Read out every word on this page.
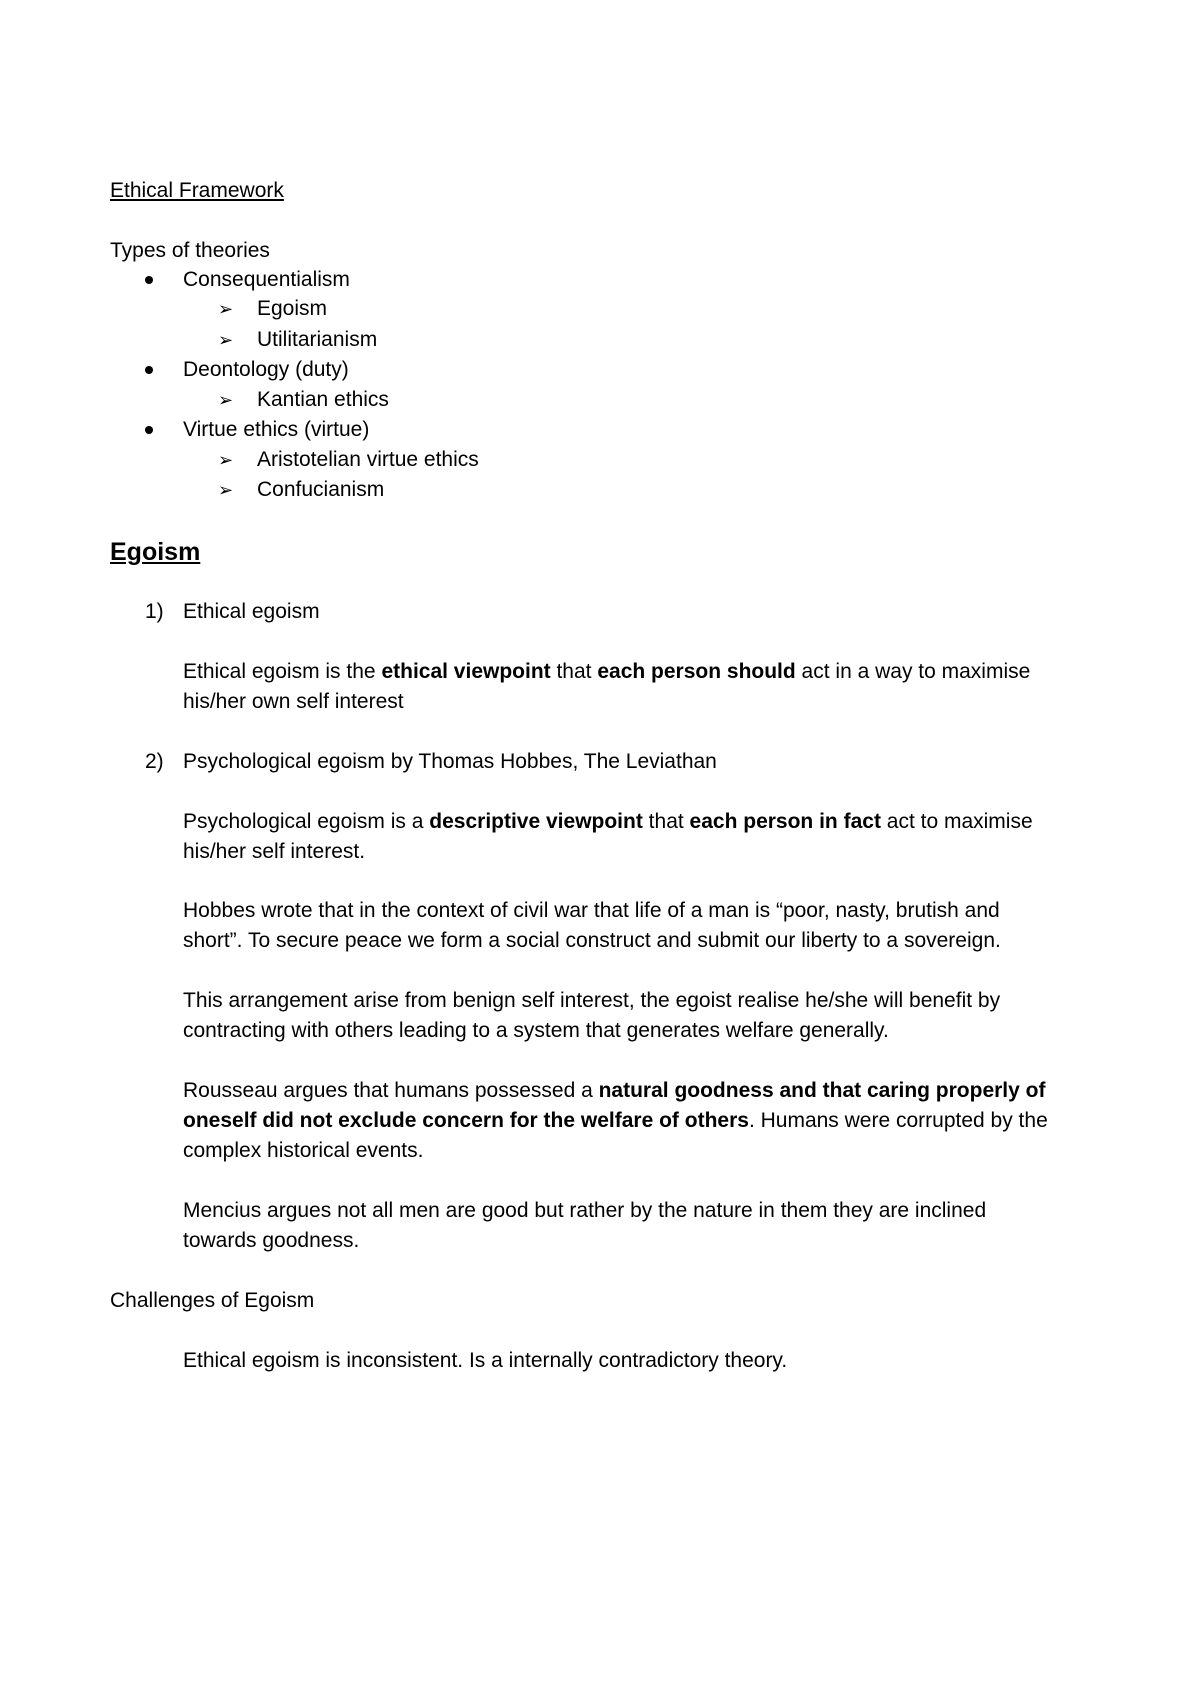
Ethical Framework
Types of theories
Consequentialism
➢ Egoism
➢ Utilitarianism
Deontology (duty)
➢ Kantian ethics
Virtue ethics (virtue)
➢ Aristotelian virtue ethics
➢ Confucianism
Egoism
1) Ethical egoism
Ethical egoism is the ethical viewpoint that each person should act in a way to maximise
his/her own self interest
2) Psychological egoism by Thomas Hobbes, The Leviathan
Psychological egoism is a descriptive viewpoint that each person in fact act to maximise
his/her self interest.
Hobbes wrote that in the context of civil war that life of a man is “poor, nasty, brutish and
short”. To secure peace we form a social construct and submit our liberty to a sovereign.
This arrangement arise from benign self interest, the egoist realise he/she will benefit by
contracting with others leading to a system that generates welfare generally.
Rousseau argues that humans possessed a natural goodness and that caring properly of
oneself did not exclude concern for the welfare of others. Humans were corrupted by the
complex historical events.
Mencius argues not all men are good but rather by the nature in them they are inclined
towards goodness.
Challenges of Egoism
Ethical egoism is inconsistent. Is a internally contradictory theory.
